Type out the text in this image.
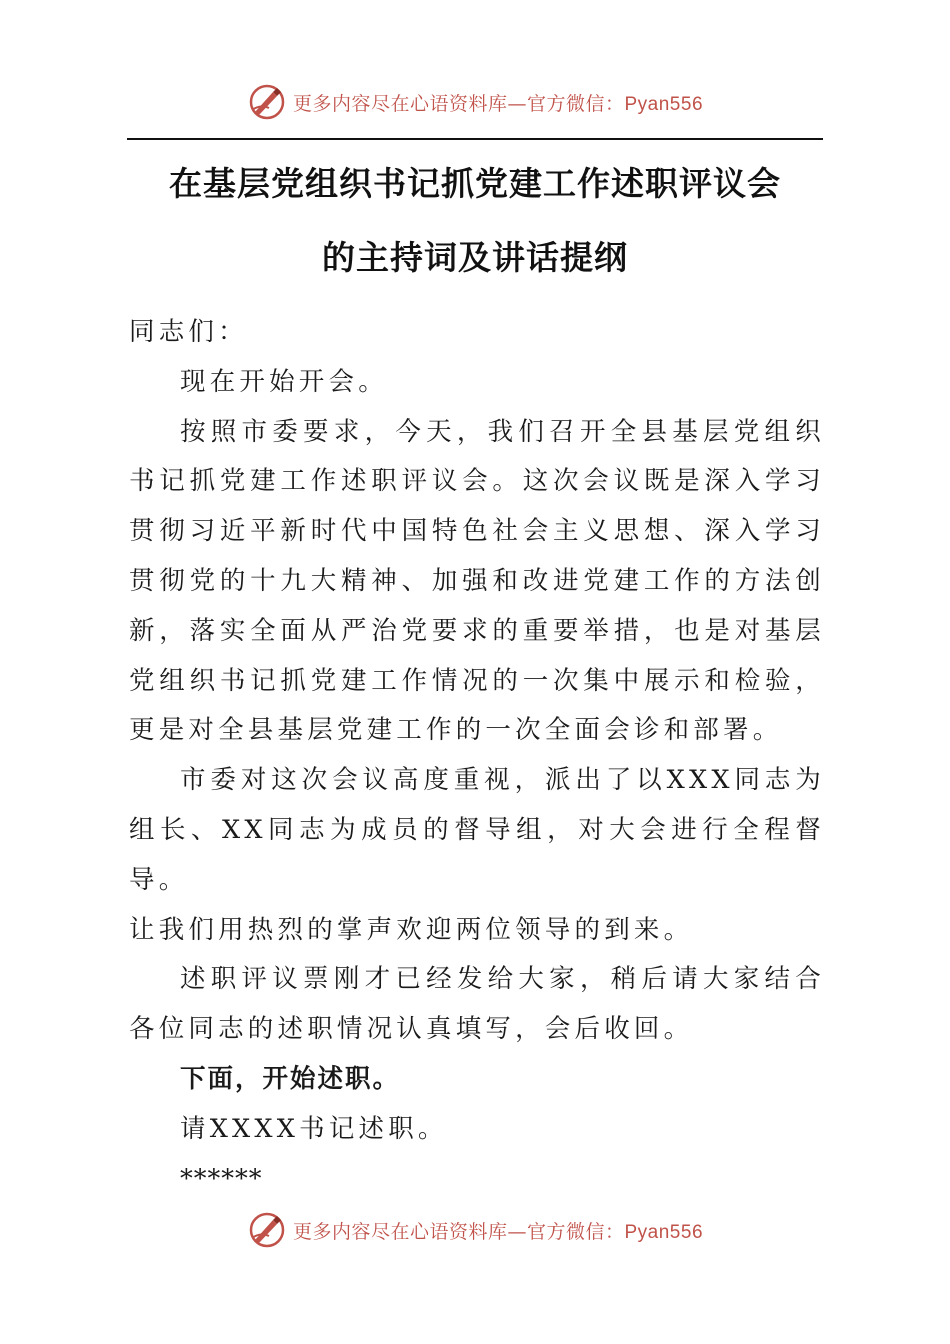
更多内容尽在心语资料库—官方微信：Pyan556
在基层党组织书记抓党建工作述职评议会
的主持词及讲话提纲

同志们：

现在开始开会。

按照市委要求，今天，我们召开全县基层党组织书记抓党建工作述职评议会。这次会议既是深入学习贯彻习近平新时代中国特色社会主义思想、深入学习贯彻党的十九大精神、加强和改进党建工作的方法创新，落实全面从严治党要求的重要举措，也是对基层党组织书记抓党建工作情况的一次集中展示和检验，更是对全县基层党建工作的一次全面会诊和部署。

市委对这次会议高度重视，派出了以XXX同志为组长、XX同志为成员的督导组，对大会进行全程督导。

让我们用热烈的掌声欢迎两位领导的到来。

述职评议票刚才已经发给大家，稍后请大家结合各位同志的述职情况认真填写，会后收回。

下面，开始述职。

请XXXX书记述职。

******

更多内容尽在心语资料库—官方微信：Pyan556
